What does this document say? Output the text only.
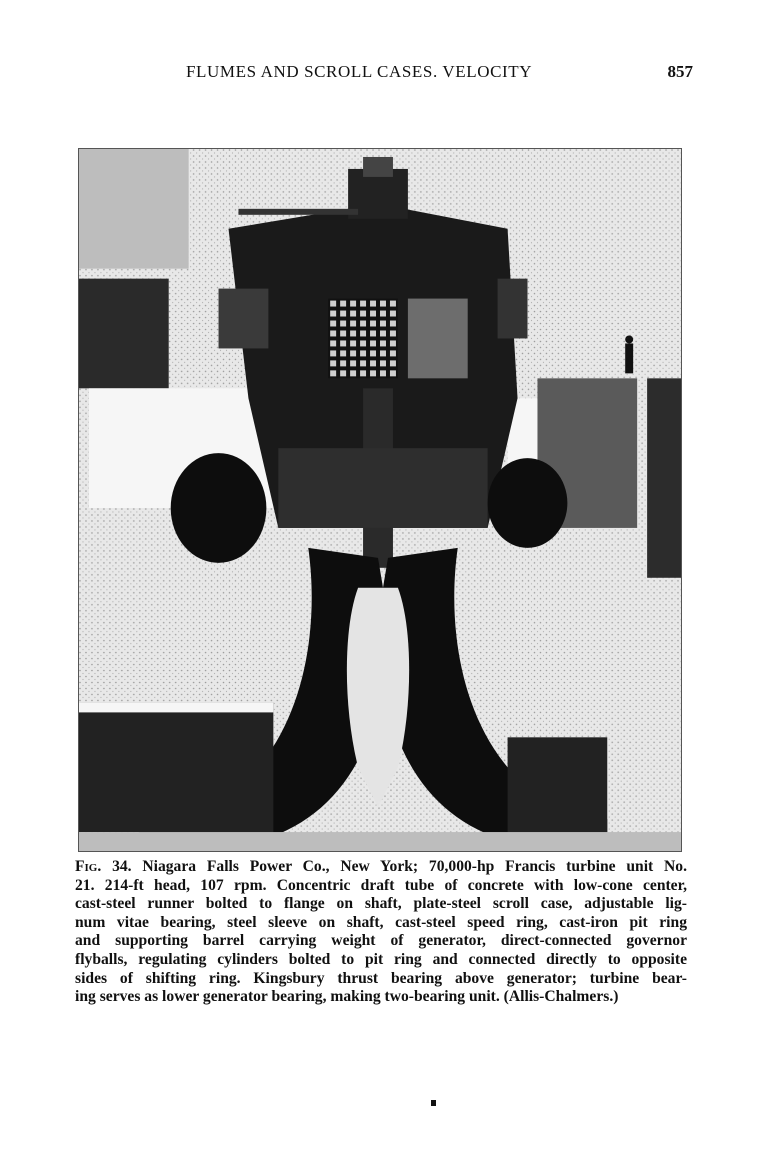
FLUMES AND SCROLL CASES. VELOCITY	857
Fig. 34. Niagara Falls Power Co., New York; 70,000-hp Francis turbine unit No.
21. 214-ft head, 107 rpm. Concentric draft tube of concrete with low-cone center,
cast-steel runner bolted to flange on shaft, plate-steel scroll case, adjustable lig-
num vitae bearing, steel sleeve on shaft, cast-steel speed ring, cast-iron pit ring
and supporting barrel carrying weight of generator, direct-connected governor
flyballs, regulating cylinders bolted to pit ring and connected directly to opposite
sides of shifting ring. Kingsbury thrust bearing above generator; turbine bear-
ing serves as lower generator bearing, making two-bearing unit. (Allis-Chalmers.)
